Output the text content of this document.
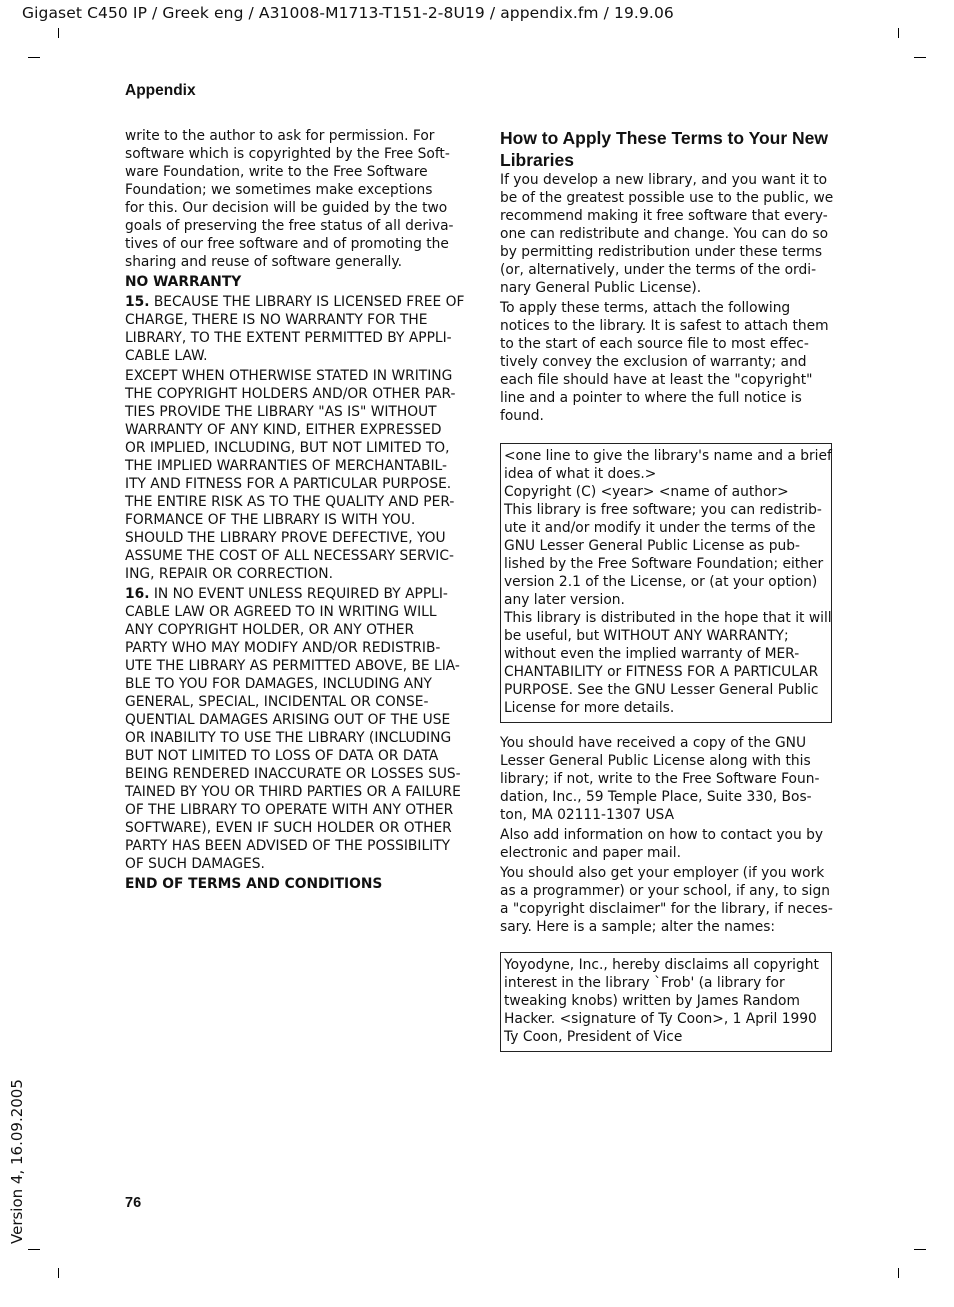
Gigaset C450 IP / Greek eng / A31008-M1713-T151-2-8U19 / appendix.fm / 19.9.06
Appendix

write to the author to ask for permission. For
software which is copyrighted by the Free Soft-
ware Foundation, write to the Free Software
Foundation; we sometimes make exceptions
for this. Our decision will be guided by the two
goals of preserving the free status of all deriva-
tives of our free software and of promoting the
sharing and reuse of software generally.

NO WARRANTY

15. BECAUSE THE LIBRARY IS LICENSED FREE OF
CHARGE, THERE IS NO WARRANTY FOR THE
LIBRARY, TO THE EXTENT PERMITTED BY APPLI-
CABLE LAW.

EXCEPT WHEN OTHERWISE STATED IN WRITING
THE COPYRIGHT HOLDERS AND/OR OTHER PAR-
TIES PROVIDE THE LIBRARY "AS IS" WITHOUT
WARRANTY OF ANY KIND, EITHER EXPRESSED
OR IMPLIED, INCLUDING, BUT NOT LIMITED TO,
THE IMPLIED WARRANTIES OF MERCHANTABIL-
ITY AND FITNESS FOR A PARTICULAR PURPOSE.
THE ENTIRE RISK AS TO THE QUALITY AND PER-
FORMANCE OF THE LIBRARY IS WITH YOU.
SHOULD THE LIBRARY PROVE DEFECTIVE, YOU
ASSUME THE COST OF ALL NECESSARY SERVIC-
ING, REPAIR OR CORRECTION.

16. IN NO EVENT UNLESS REQUIRED BY APPLI-
CABLE LAW OR AGREED TO IN WRITING WILL
ANY COPYRIGHT HOLDER, OR ANY OTHER
PARTY WHO MAY MODIFY AND/OR REDISTRIB-
UTE THE LIBRARY AS PERMITTED ABOVE, BE LIA-
BLE TO YOU FOR DAMAGES, INCLUDING ANY
GENERAL, SPECIAL, INCIDENTAL OR CONSE-
QUENTIAL DAMAGES ARISING OUT OF THE USE
OR INABILITY TO USE THE LIBRARY (INCLUDING
BUT NOT LIMITED TO LOSS OF DATA OR DATA
BEING RENDERED INACCURATE OR LOSSES SUS-
TAINED BY YOU OR THIRD PARTIES OR A FAILURE
OF THE LIBRARY TO OPERATE WITH ANY OTHER
SOFTWARE), EVEN IF SUCH HOLDER OR OTHER
PARTY HAS BEEN ADVISED OF THE POSSIBILITY
OF SUCH DAMAGES.

END OF TERMS AND CONDITIONS

How to Apply These Terms to Your New
Libraries

If you develop a new library, and you want it to
be of the greatest possible use to the public, we
recommend making it free software that every-
one can redistribute and change. You can do so
by permitting redistribution under these terms
(or, alternatively, under the terms of the ordi-
nary General Public License).

To apply these terms, attach the following
notices to the library. It is safest to attach them
to the start of each source file to most effec-
tively convey the exclusion of warranty; and
each file should have at least the "copyright"
line and a pointer to where the full notice is
found.

<one line to give the library's name and a brief
idea of what it does.>
Copyright (C) <year> <name of author>
This library is free software; you can redistrib-
ute it and/or modify it under the terms of the
GNU Lesser General Public License as pub-
lished by the Free Software Foundation; either
version 2.1 of the License, or (at your option)
any later version.
This library is distributed in the hope that it will
be useful, but WITHOUT ANY WARRANTY;
without even the implied warranty of MER-
CHANTABILITY or FITNESS FOR A PARTICULAR
PURPOSE. See the GNU Lesser General Public
License for more details.

You should have received a copy of the GNU
Lesser General Public License along with this
library; if not, write to the Free Software Foun-
dation, Inc., 59 Temple Place, Suite 330, Bos-
ton, MA 02111-1307 USA

Also add information on how to contact you by
electronic and paper mail.

You should also get your employer (if you work
as a programmer) or your school, if any, to sign
a "copyright disclaimer" for the library, if neces-
sary. Here is a sample; alter the names:

Yoyodyne, Inc., hereby disclaims all copyright
interest in the library `Frob' (a library for
tweaking knobs) written by James Random
Hacker. <signature of Ty Coon>, 1 April 1990
Ty Coon, President of Vice
76
Version 4, 16.09.2005
